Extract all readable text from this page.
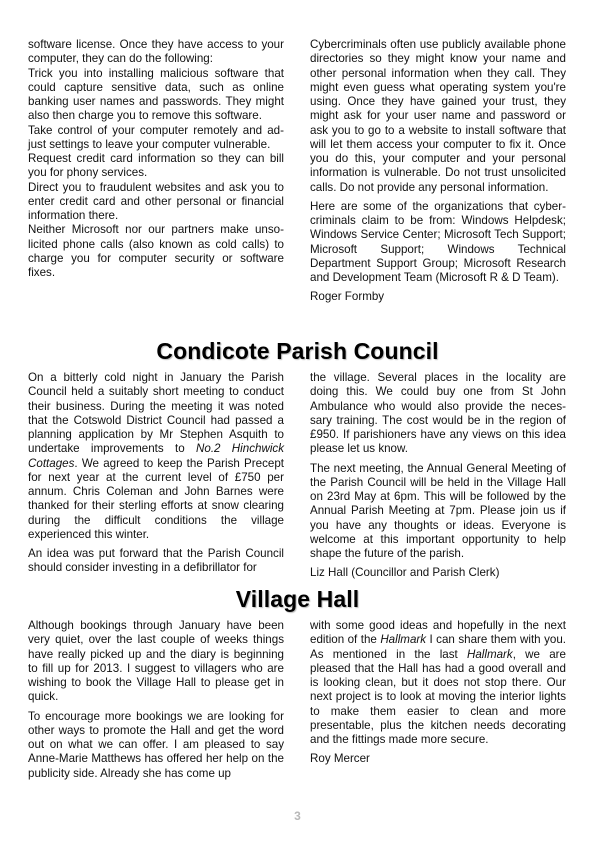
software license. Once they have access to your computer, they can do the following:

Trick you into installing malicious software that could capture sensitive data, such as online banking user names and passwords. They might also then charge you to remove this software.

Take control of your computer remotely and adjust settings to leave your computer vulnerable.

Request credit card information so they can bill you for phony services.

Direct you to fraudulent websites and ask you to enter credit card and other personal or financial information there.

Neither Microsoft nor our partners make unsolicited phone calls (also known as cold calls) to charge you for computer security or software fixes.

Cybercriminals often use publicly available phone directories so they might know your name and other personal information when they call. They might even guess what operating system you're using. Once they have gained your trust, they might ask for your user name and password or ask you to go to a website to install software that will let them access your computer to fix it. Once you do this, your computer and your personal information is vulnerable. Do not trust unsolicited calls. Do not provide any personal information.

Here are some of the organizations that cybercriminals claim to be from: Windows Helpdesk; Windows Service Center; Microsoft Tech Support; Microsoft Support; Windows Technical Department Support Group; Microsoft Research and Development Team (Microsoft R & D Team).

Roger Formby

Condicote Parish Council

On a bitterly cold night in January the Parish Council held a suitably short meeting to conduct their business. During the meeting it was noted that the Cotswold District Council had passed a planning application by Mr Stephen Asquith to undertake improvements to No.2 Hinchwick Cottages. We agreed to keep the Parish Precept for next year at the current level of £750 per annum. Chris Coleman and John Barnes were thanked for their sterling efforts at snow clearing during the difficult conditions the village experienced this winter.

An idea was put forward that the Parish Council should consider investing in a defibrillator for

the village. Several places in the locality are doing this. We could buy one from St John Ambulance who would also provide the necessary training. The cost would be in the region of £950. If parishioners have any views on this idea please let us know.

The next meeting, the Annual General Meeting of the Parish Council will be held in the Village Hall on 23rd May at 6pm. This will be followed by the Annual Parish Meeting at 7pm. Please join us if you have any thoughts or ideas. Everyone is welcome at this important opportunity to help shape the future of the parish.

Liz Hall (Councillor and Parish Clerk)

Village Hall

Although bookings through January have been very quiet, over the last couple of weeks things have really picked up and the diary is beginning to fill up for 2013. I suggest to villagers who are wishing to book the Village Hall to please get in quick.

To encourage more bookings we are looking for other ways to promote the Hall and get the word out on what we can offer. I am pleased to say Anne-Marie Matthews has offered her help on the publicity side. Already she has come up

with some good ideas and hopefully in the next edition of the Hallmark I can share them with you. As mentioned in the last Hallmark, we are pleased that the Hall has had a good overall and is looking clean, but it does not stop there. Our next project is to look at moving the interior lights to make them easier to clean and more presentable, plus the kitchen needs decorating and the fittings made more secure.

Roy Mercer

3
